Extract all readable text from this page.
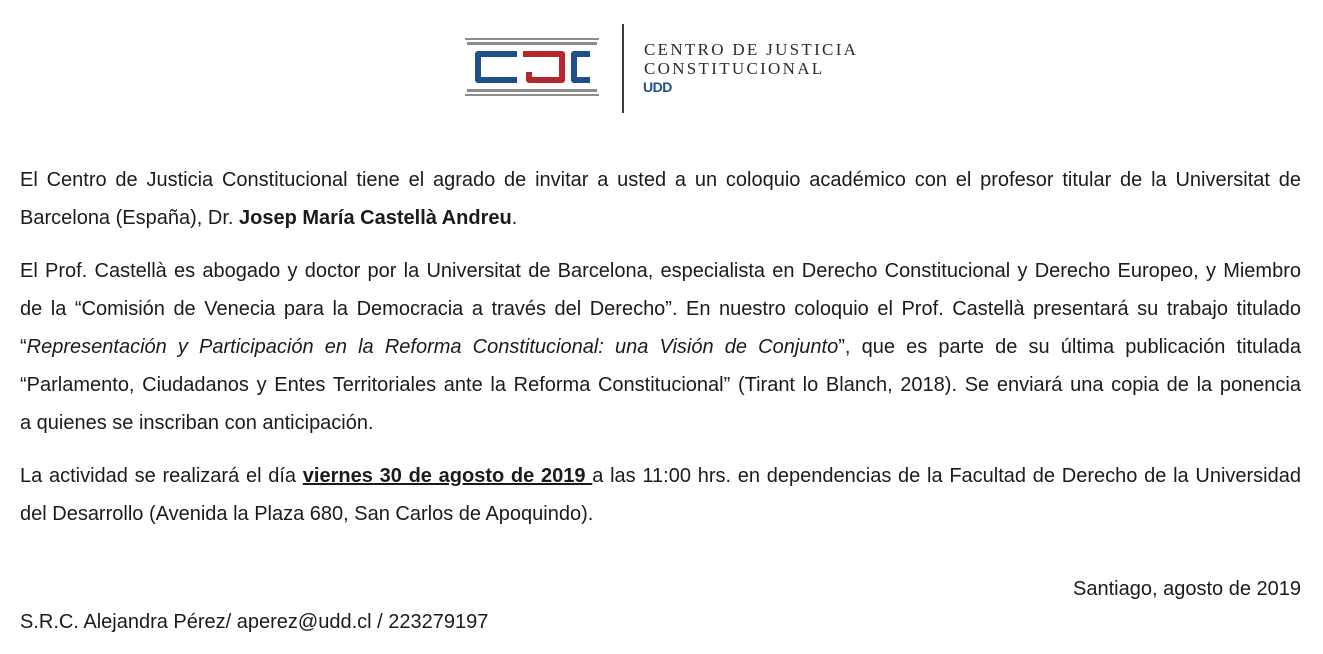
CENTRO DE JUSTICIA
CONSTITUCIONAL
UDD
El Centro de Justicia Constitucional tiene el agrado de invitar a usted a un coloquio académico con el profesor titular de la Universitat de
Barcelona (España), Dr. Josep María Castellà Andreu.
El Prof. Castellà es abogado y doctor por la Universitat de Barcelona, especialista en Derecho Constitucional y Derecho Europeo, y Miembro
de la “Comisión de Venecia para la Democracia a través del Derecho”. En nuestro coloquio el Prof. Castellà presentará su trabajo titulado
“Representación y Participación en la Reforma Constitucional: una Visión de Conjunto”, que es parte de su última publicación titulada
“Parlamento, Ciudadanos y Entes Territoriales ante la Reforma Constitucional” (Tirant lo Blanch, 2018). Se enviará una copia de la ponencia
a quienes se inscriban con anticipación.
La actividad se realizará el día viernes 30 de agosto de 2019 a las 11:00 hrs. en dependencias de la Facultad de Derecho de la Universidad
del Desarrollo (Avenida la Plaza 680, San Carlos de Apoquindo).
Santiago, agosto de 2019
S.R.C. Alejandra Pérez/ aperez@udd.cl / 223279197
